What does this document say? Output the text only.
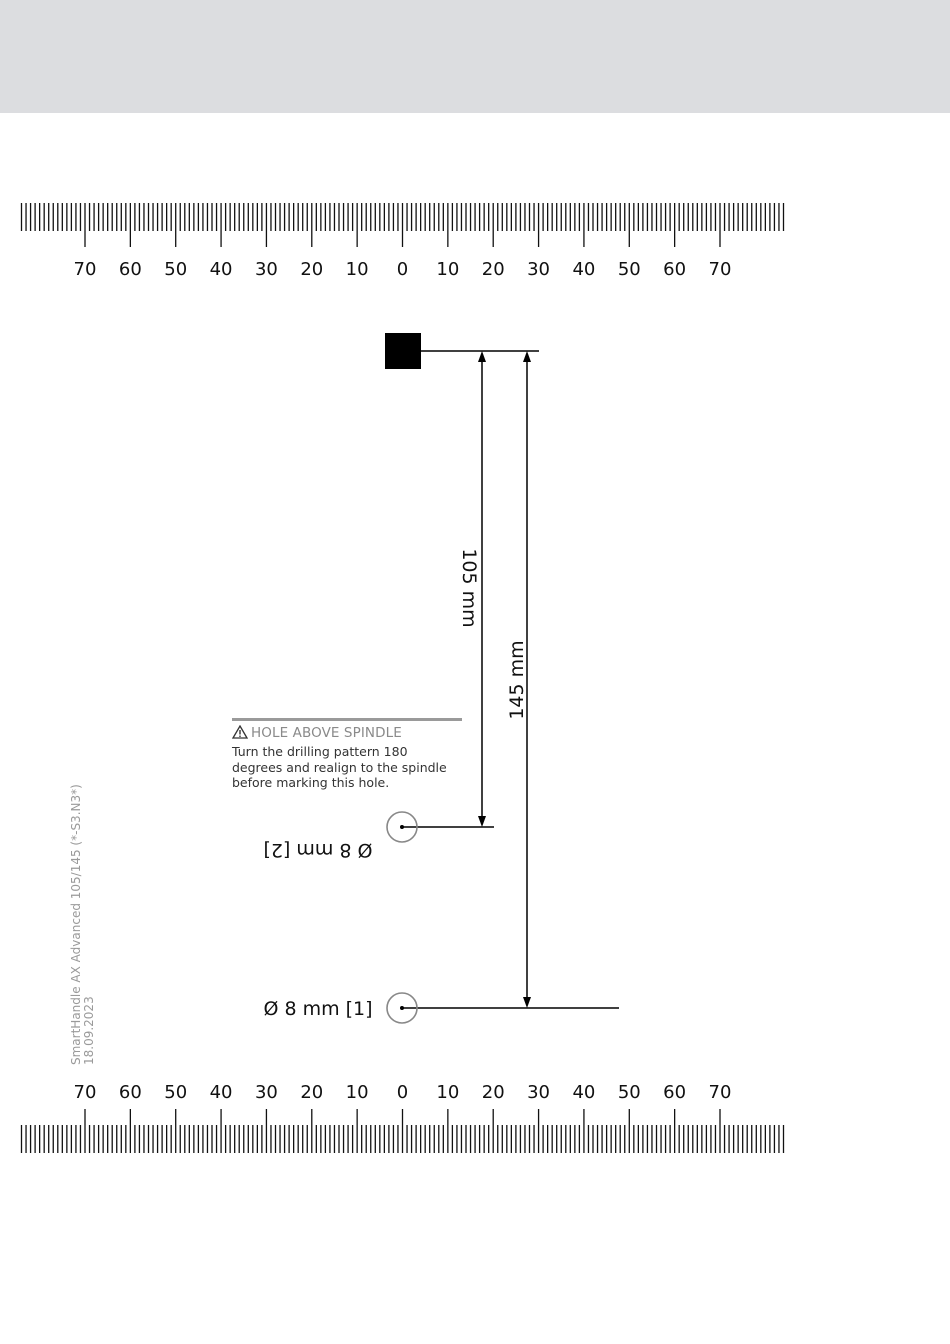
70 60 50 40 30 20 10 0 10 20 30 40 50 60 70
70 60 50 40 30 20 10 0 10 20 30 40 50 60 70
105 mm
145 mm
Ø 8 mm [2]
Ø 8 mm [1]
HOLE ABOVE SPINDLE
Turn the drilling pattern 180 degrees and realign to the spindle before marking this hole.
SmartHandle AX Advanced 105/145 (*-S3.N3*) 18.09.2023
